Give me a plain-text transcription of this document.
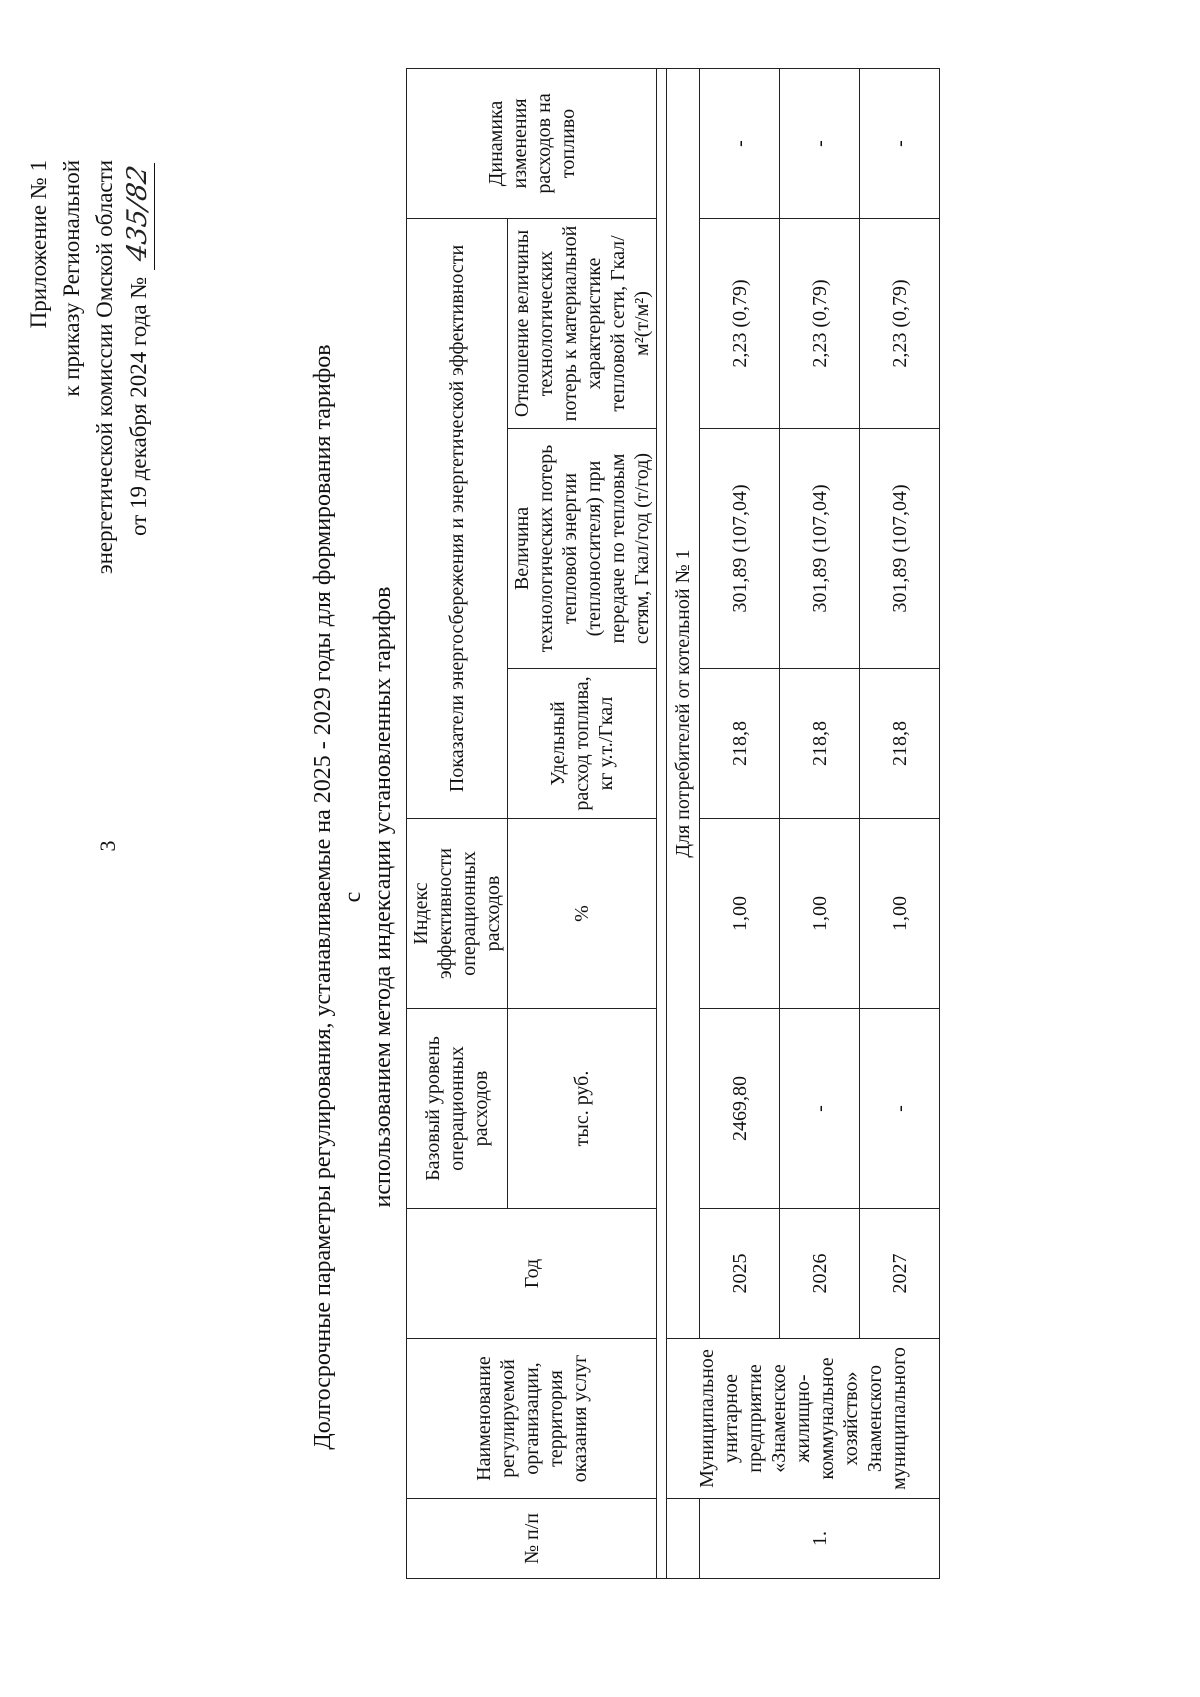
3
Приложение № 1 к приказу Региональной энергетической комиссии Омской области от 19 декабря 2024 года № 435/82
Долгосрочные параметры регулирования, устанавливаемые на 2025 - 2029 годы для формирования тарифов с использованием метода индексации установленных тарифов
№ п/п	Наименование регулируемой организации, территория оказания услуг	Год	Базовый уровень операционных расходов	Индекс эффективности операционных расходов	Показатели энергосбережения и энергетической эффективности			Динамика изменения расходов на топливо
			тыс. руб.	%	Удельный расход топлива, кг у.т./Гкал	Величина технологических потерь тепловой энергии (теплоносителя) при передаче по тепловым сетям, Гкал/год (т/год)	Отношение величины технологических потерь к материальной характеристике тепловой сети, Гкал/м²(т/м²)	

	Муниципальное унитарное предприятие «Знаменское жилищно-коммунальное хозяйство» Знаменского муниципального	Для потребителей от котельной № 1						
1.		2025	2469,80	1,00	218,8	301,89 (107,04)	2,23 (0,79)	-
		2026	-	1,00	218,8	301,89 (107,04)	2,23 (0,79)	-
		2027	-	1,00	218,8	301,89 (107,04)	2,23 (0,79)	-
